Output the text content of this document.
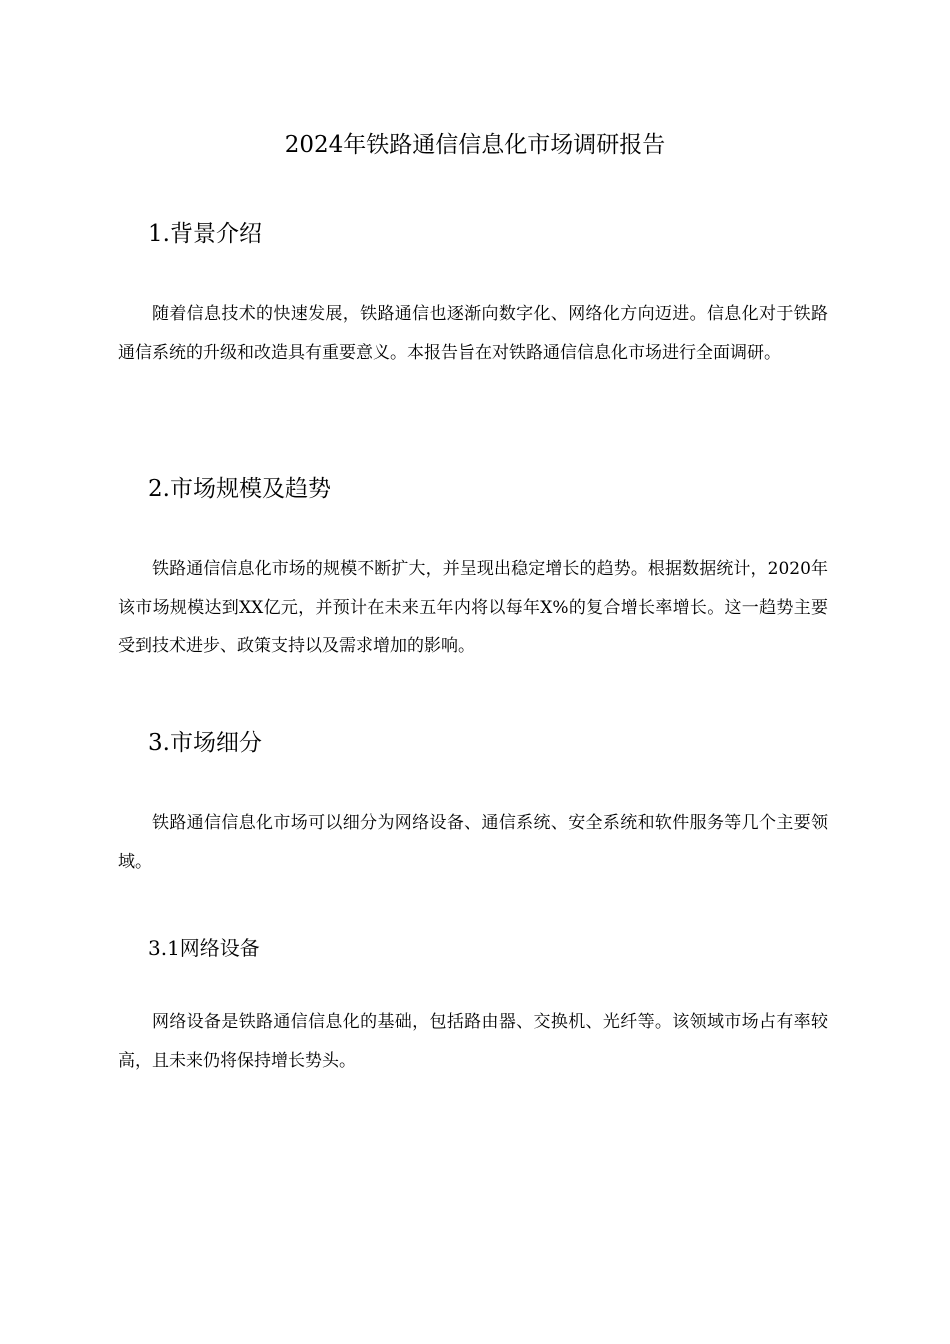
2024年铁路通信信息化市场调研报告
1.背景介绍

随着信息技术的快速发展，铁路通信也逐渐向数字化、网络化方向迈进。信息化对于铁路通信系统的升级和改造具有重要意义。本报告旨在对铁路通信信息化市场进行全面调研。

2.市场规模及趋势

铁路通信信息化市场的规模不断扩大，并呈现出稳定增长的趋势。根据数据统计，2020年该市场规模达到XX亿元，并预计在未来五年内将以每年X%的复合增长率增长。这一趋势主要受到技术进步、政策支持以及需求增加的影响。

3.市场细分

铁路通信信息化市场可以细分为网络设备、通信系统、安全系统和软件服务等几个主要领域。

3.1网络设备

网络设备是铁路通信信息化的基础，包括路由器、交换机、光纤等。该领域市场占有率较高，且未来仍将保持增长势头。
